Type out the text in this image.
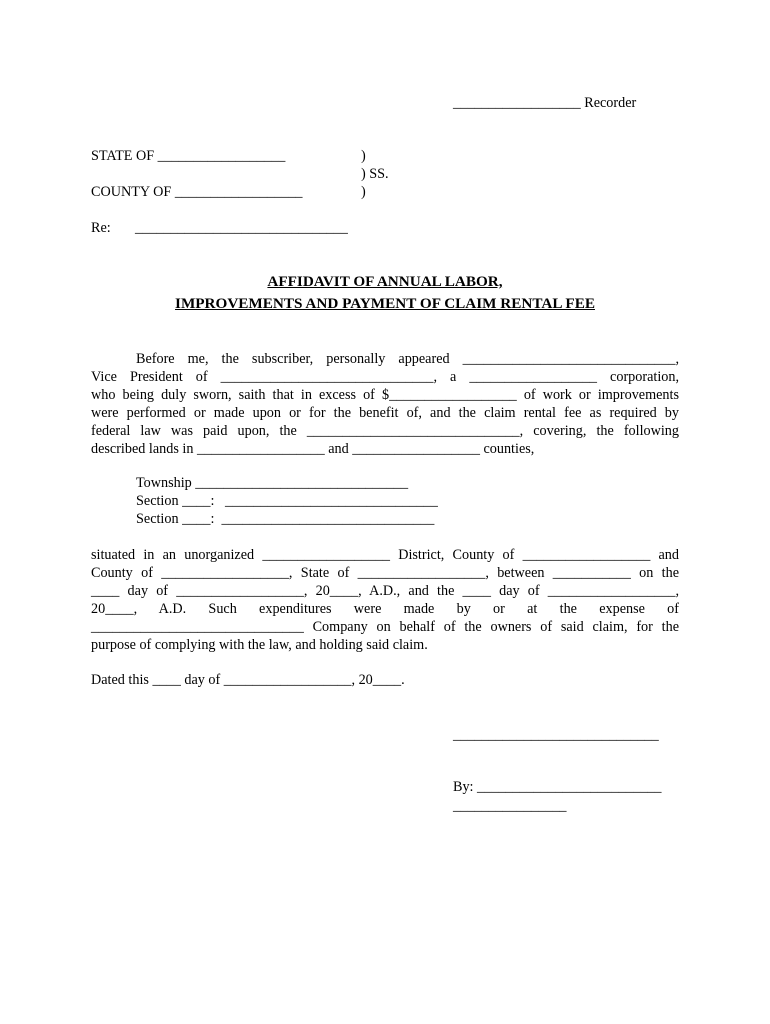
__________________ Recorder
STATE OF __________________	)
) SS.
COUNTY OF __________________	)
Re: ______________________________
AFFIDAVIT OF ANNUAL LABOR,
IMPROVEMENTS AND PAYMENT OF CLAIM RENTAL FEE
Before me, the subscriber, personally appeared ______________________________,
Vice President of ______________________________, a __________________ corporation,
who being duly sworn, saith that in excess of $__________________ of work or improvements
were performed or made upon or for the benefit of, and the claim rental fee as required by
federal law was paid upon, the ______________________________, covering, the following
described lands in __________________ and __________________ counties,
Township ______________________________
Section ____:   ______________________________
Section ____:  ______________________________
situated in an unorganized __________________ District, County of __________________ and
County of __________________, State of __________________, between ___________ on the
____ day of __________________, 20____, A.D., and the ____ day of __________________,
20____, A.D. Such expenditures were made by or at the expense of
______________________________ Company on behalf of the owners of said claim, for the
purpose of complying with the law, and holding said claim.
Dated this ____ day of __________________, 20____.
_____________________________
By: __________________________
________________
